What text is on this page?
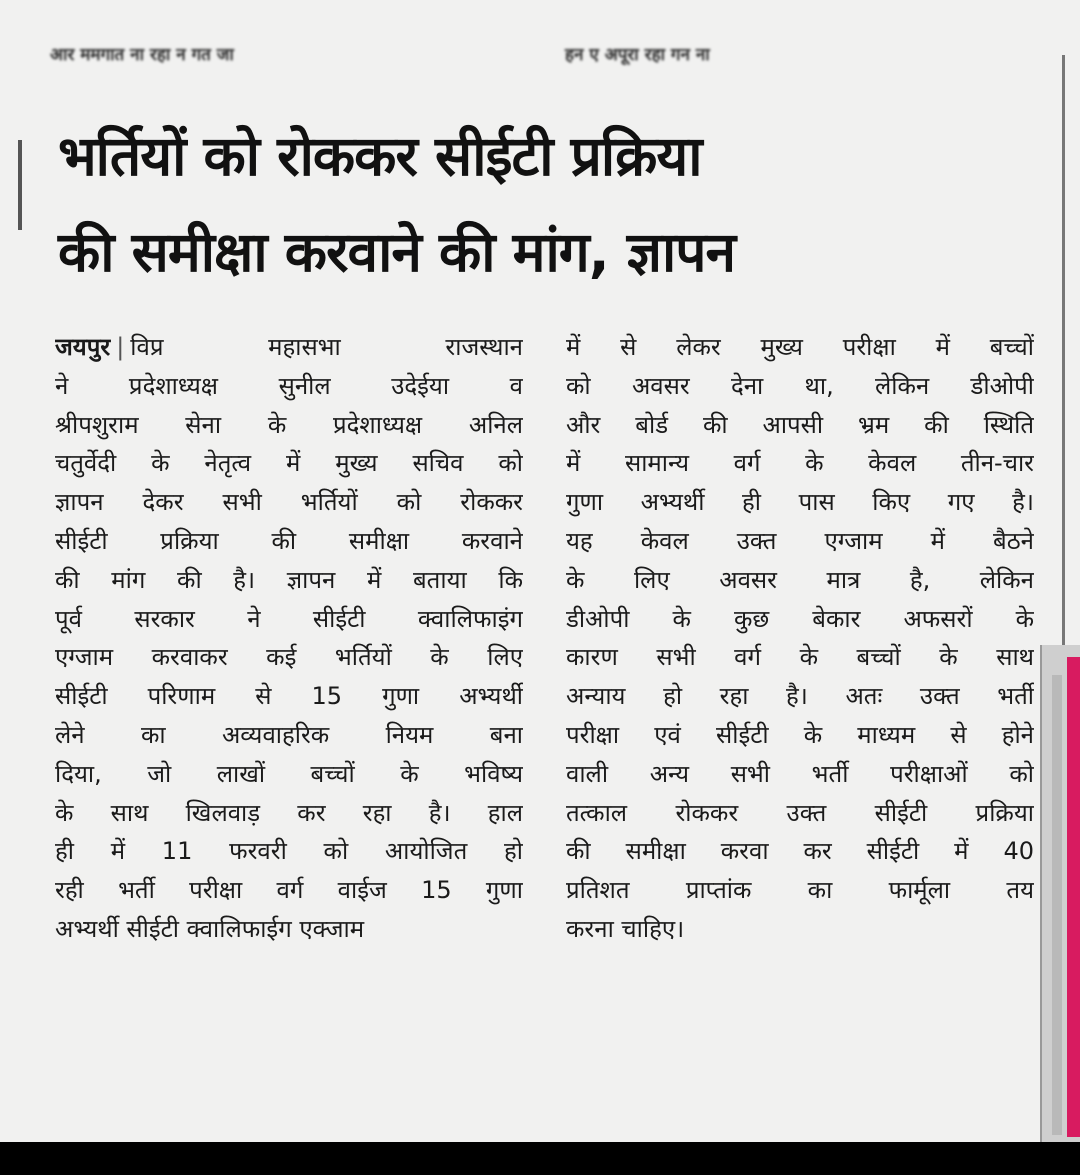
आर ममगात ना रहा न गत जा	हन ए अपूरा रहा गन ना
भर्तियों को रोककर सीईटी प्रक्रिया
की समीक्षा करवाने की मांग, ज्ञापन
जयपुर | विप्र महासभा राजस्थान
ने प्रदेशाध्यक्ष सुनील उदेईया व
श्रीपशुराम सेना के प्रदेशाध्यक्ष अनिल
चतुर्वेदी के नेतृत्व में मुख्य सचिव को
ज्ञापन देकर सभी भर्तियों को रोककर
सीईटी प्रक्रिया की समीक्षा करवाने
की मांग की है। ज्ञापन में बताया कि
पूर्व सरकार ने सीईटी क्वालिफाइंग
एग्जाम करवाकर कई भर्तियों के लिए
सीईटी परिणाम से 15 गुणा अभ्यर्थी
लेने का अव्यवाहरिक नियम बना
दिया, जो लाखों बच्चों के भविष्य
के साथ खिलवाड़ कर रहा है। हाल
ही में 11 फरवरी को आयोजित हो
रही भर्ती परीक्षा वर्ग वाईज 15 गुणा
अभ्यर्थी सीईटी क्वालिफाईग एक्जाम
में से लेकर मुख्य परीक्षा में बच्चों
को अवसर देना था, लेकिन डीओपी
और बोर्ड की आपसी भ्रम की स्थिति
में सामान्य वर्ग के केवल तीन-चार
गुणा अभ्यर्थी ही पास किए गए है।
यह केवल उक्त एग्जाम में बैठने
के लिए अवसर मात्र है, लेकिन
डीओपी के कुछ बेकार अफसरों के
कारण सभी वर्ग के बच्चों के साथ
अन्याय हो रहा है। अतः उक्त भर्ती
परीक्षा एवं सीईटी के माध्यम से होने
वाली अन्य सभी भर्ती परीक्षाओं को
तत्काल रोककर उक्त सीईटी प्रक्रिया
की समीक्षा करवा कर सीईटी में 40
प्रतिशत प्राप्तांक का फार्मूला तय
करना चाहिए।
